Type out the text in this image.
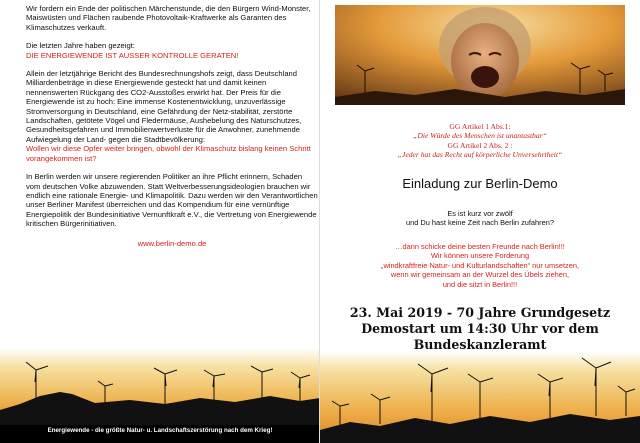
Wir fordern ein Ende der politischen Märchenstunde, die den Bürgern Wind-Monster, Maiswüsten und Flächen raubende Photovoltaik-Kraftwerke als Garanten des Klimaschutzes verkauft.

Die letzten Jahre haben gezeigt:

DIE ENERGIEWENDE IST AUSSER KONTROLLE GERATEN!

Allein der letztjährige Bericht des Bundesrechnungshofs zeigt, dass Deutschland Milliardenbeträge in diese Energiewende gesteckt hat und damit keinen nennenswerten Rückgang des CO2-Ausstoßes erwirkt hat. Der Preis für die Energiewende ist zu hoch: Eine immense Kostenentwicklung, unzuverlässige Stromversorgung in Deutschland, eine Gefährdung der Netz-stabilität, zerstörte Landschaften, getötete Vögel und Fledermäuse, Aushebelung des Naturschutzes, Gesundheitsgefahren und Immobilienwertverluste für die Anwohner, zunehmende Aufwiegelung der Land- gegen die Stadtbevölkerung:

Wollen wir diese Opfer weiter bringen, obwohl der Klimaschutz bislang keinen Schritt vorangekommen ist?

In Berlin werden wir unsere regierenden Politiker an ihre Pflicht erinnern, Schaden vom deutschen Volke abzuwenden. Statt Weltverbesserungsideologien brauchen wir endlich eine rationale Energie- und Klimapolitik. Dazu werden wir den Verantwortlichen unser Berliner Manifest überreichen und das Kompendium für eine vernünftige Energiepolitik der Bundesinitiative Vernunftkraft e.V., die Vertretung von Energiewende kritischen Bürgerinitiativen.

www.berlin-demo.de

Energiewende - die größte Natur- u. Landschaftszerstörung nach dem Krieg!
GG Artikel 1 Abs.1:
„Die Würde des Menschen ist unantastbar“
GG Artikel 2 Abs. 2 :
„Jeder hat das Recht auf körperliche Unversehrtheit“
Einladung zur Berlin-Demo
Es ist kurz vor zwölf
und Du hast keine Zeit nach Berlin zufahren?
…dann schicke deine besten Freunde nach Berlin!!!
Wir können unsere Forderung
„windkraftfreie Natur- und Kulturlandschaften“ nur umsetzen,
wenn wir gemeinsam an der Wurzel des Übels ziehen,
und die sitzt in Berlin!!!
23. Mai 2019 - 70 Jahre Grundgesetz
Demostart um 14:30 Uhr vor dem
Bundeskanzleramt
